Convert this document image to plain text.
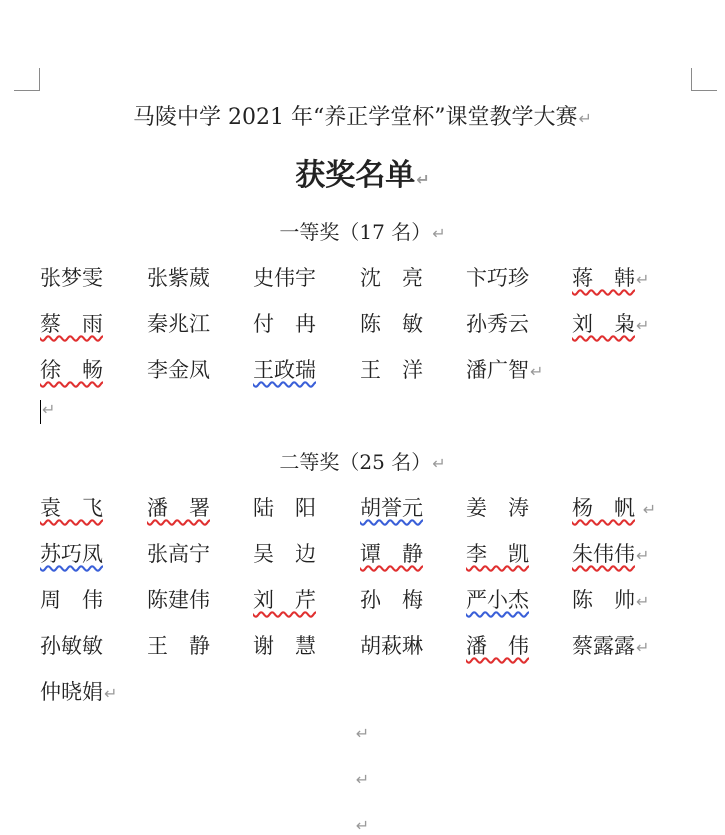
马陵中学 2021 年“养正学堂杯”课堂教学大赛↵
获奖名单↵
一等奖（17 名）↵
张梦雯 张紫葳 史伟宇 沈　亮 卞巧珍 蒋　韩↵
蔡　雨 秦兆江 付　冉 陈　敏 孙秀云 刘　枭↵
徐　畅 李金凤 王政瑞 王　洋 潘广智↵
↵
二等奖（25 名）↵
袁　飞 潘　署 陆　阳 胡誉元 姜　涛 杨　帆 ↵
苏巧凤 张高宁 吴　边 谭　静 李　凯 朱伟伟↵
周　伟 陈建伟 刘　芹 孙　梅 严小杰 陈　帅↵
孙敏敏 王　静 谢　慧 胡萩琳 潘　伟 蔡露露↵
仲晓娟↵
↵
↵
↵
